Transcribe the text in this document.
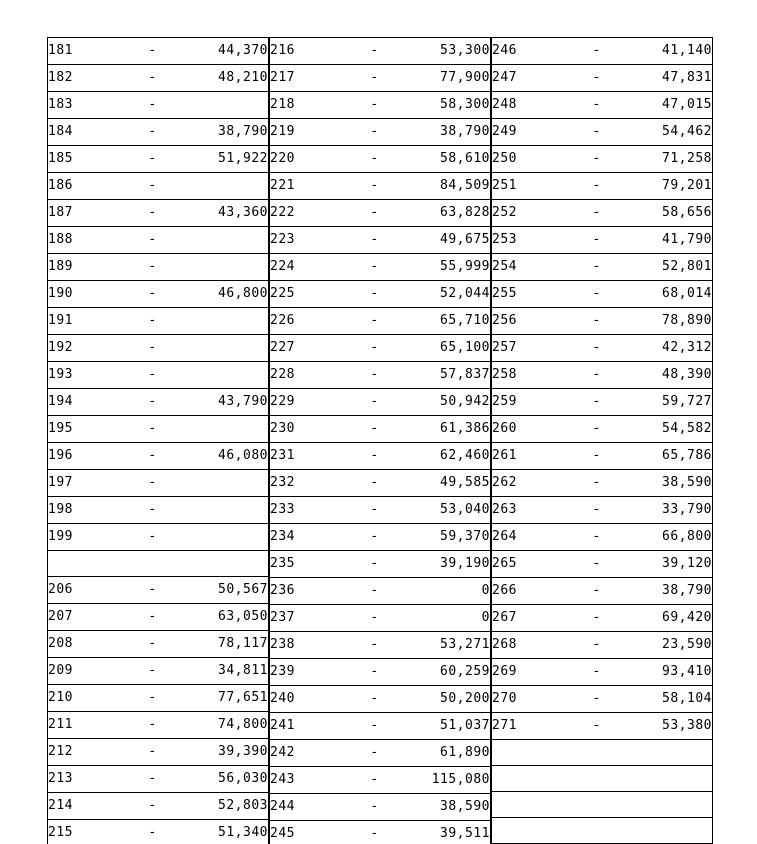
181	-	44,370
182	-	48,210
183	-	
184	-	38,790
185	-	51,922
186	-	
187	-	43,360
188	-	
189	-	
190	-	46,800
191	-	
192	-	
193	-	
194	-	43,790
195	-	
196	-	46,080
197	-	
198	-	
199	-	

206	-	50,567
207	-	63,050
208	-	78,117
209	-	34,811
210	-	77,651
211	-	74,800
212	-	39,390
213	-	56,030
214	-	52,803
215	-	51,340
216	-	53,300
217	-	77,900
218	-	58,300
219	-	38,790
220	-	58,610
221	-	84,509
222	-	63,828
223	-	49,675
224	-	55,999
225	-	52,044
226	-	65,710
227	-	65,100
228	-	57,837
229	-	50,942
230	-	61,386
231	-	62,460
232	-	49,585
233	-	53,040
234	-	59,370
235	-	39,190
236	-	0
237	-	0
238	-	53,271
239	-	60,259
240	-	50,200
241	-	51,037
242	-	61,890
243	-	115,080
244	-	38,590
245	-	39,511
246	-	41,140
247	-	47,831
248	-	47,015
249	-	54,462
250	-	71,258
251	-	79,201
252	-	58,656
253	-	41,790
254	-	52,801
255	-	68,014
256	-	78,890
257	-	42,312
258	-	48,390
259	-	59,727
260	-	54,582
261	-	65,786
262	-	38,590
263	-	33,790
264	-	66,800
265	-	39,120
266	-	38,790
267	-	69,420
268	-	23,590
269	-	93,410
270	-	58,104
271	-	53,380
